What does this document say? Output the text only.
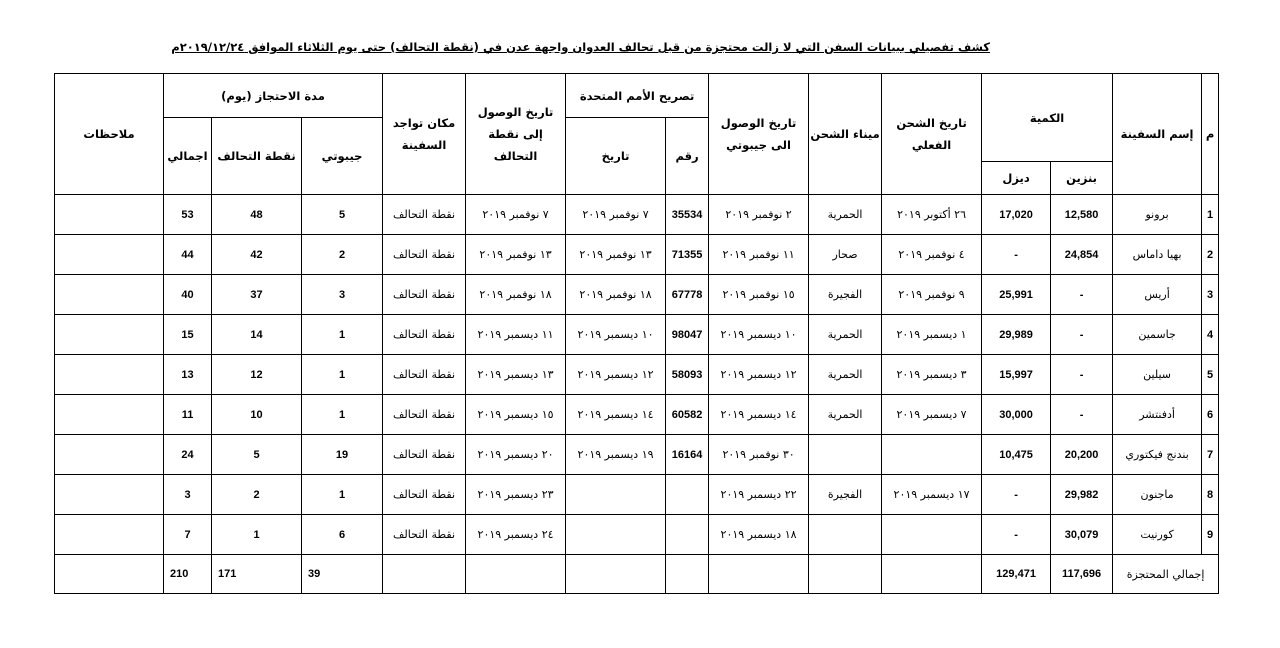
كشف تفصيلي ببيانات السفن التي لا زالت محتجزة من قبل تحالف العدوان واجهة عدن في (نقطة التحالف) حتى يوم الثلاثاء الموافق ٢٠١٩/١٢/٢٤م
م	إسم السفينة	الكمية		تاريخ الشحن الفعلي	ميناء الشحن	تاريخ الوصول الى جيبوتي	تصريح الأمم المتحدة		تاريخ الوصول إلى نقطة التحالف	مكان تواجد السفينة	مدة الاحتجاز (يوم)			ملاحظات
							رقم	تاريخ			جيبوتي	نقطة التحالف	اجمالي	
		بنزين	ديزل											
1	برونو	12,580	17,020	٢٦ أكتوبر ٢٠١٩	الحمرية	٢ نوفمبر ٢٠١٩	35534	٧ نوفمبر ٢٠١٩	٧ نوفمبر ٢٠١٩	نقطة التحالف	5	48	53	
2	بهيا داماس	24,854	-	٤ نوفمبر ٢٠١٩	صحار	١١ نوفمبر ٢٠١٩	71355	١٣ نوفمبر ٢٠١٩	١٣ نوفمبر ٢٠١٩	نقطة التحالف	2	42	44	
3	أريس	-	25,991	٩ نوفمبر ٢٠١٩	الفجيرة	١٥ نوفمبر ٢٠١٩	67778	١٨ نوفمبر ٢٠١٩	١٨ نوفمبر ٢٠١٩	نقطة التحالف	3	37	40	
4	جاسمين	-	29,989	١ ديسمبر ٢٠١٩	الحمرية	١٠ ديسمبر ٢٠١٩	98047	١٠ ديسمبر ٢٠١٩	١١ ديسمبر ٢٠١٩	نقطة التحالف	1	14	15	
5	سيلين	-	15,997	٣ ديسمبر ٢٠١٩	الحمرية	١٢ ديسمبر ٢٠١٩	58093	١٢ ديسمبر ٢٠١٩	١٣ ديسمبر ٢٠١٩	نقطة التحالف	1	12	13	
6	أدفنتشر	-	30,000	٧ ديسمبر ٢٠١٩	الحمرية	١٤ ديسمبر ٢٠١٩	60582	١٤ ديسمبر ٢٠١٩	١٥ ديسمبر ٢٠١٩	نقطة التحالف	1	10	11	
7	بندنج فيكتوري	20,200	10,475			٣٠ نوفمبر ٢٠١٩	16164	١٩ ديسمبر ٢٠١٩	٢٠ ديسمبر ٢٠١٩	نقطة التحالف	19	5	24	
8	ماجنون	29,982	-	١٧ ديسمبر ٢٠١٩	الفجيرة	٢٢ ديسمبر ٢٠١٩			٢٣ ديسمبر ٢٠١٩	نقطة التحالف	1	2	3	
9	كورنيت	30,079	-			١٨ ديسمبر ٢٠١٩			٢٤ ديسمبر ٢٠١٩	نقطة التحالف	6	1	7	
إجمالي المحتجزة		117,696	129,471								39	171	210	
